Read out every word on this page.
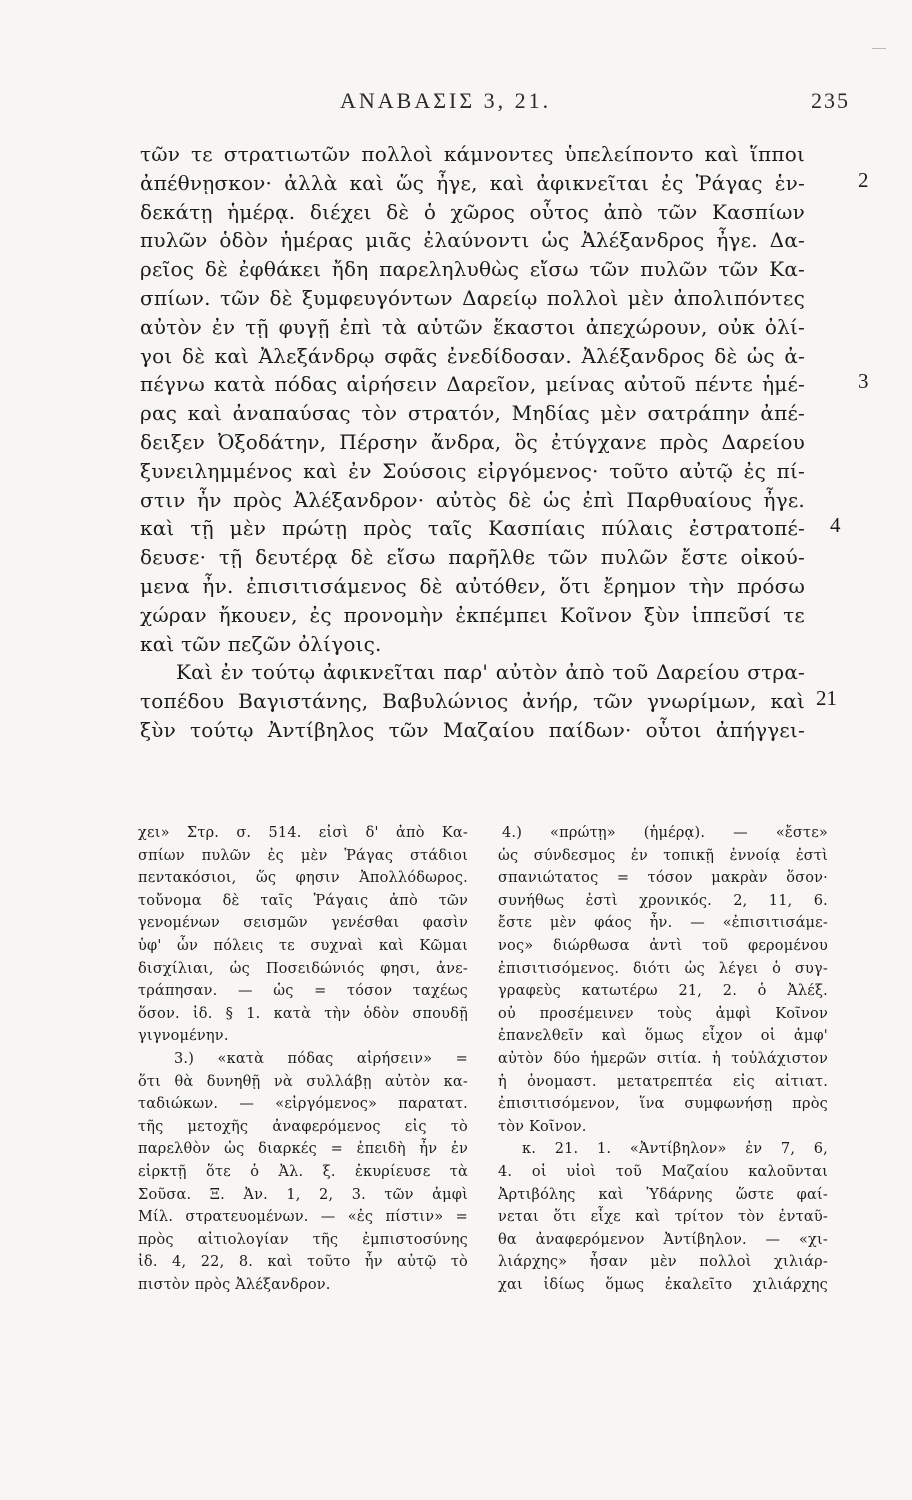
ΑΝΑΒΑΣΙΣ 3, 21.	235
τῶν τε στρατιωτῶν πολλοὶ κάμνοντες ὑπελείποντο καὶ ἵπποι
ἀπέθνῃσκον· ἀλλὰ καὶ ὥς ἦγε, καὶ ἀφικνεῖται ἐς Ῥάγας ἑν-
δεκάτῃ ἡμέρᾳ. διέχει δὲ ὁ χῶρος οὗτος ἀπὸ τῶν Κασπίων
πυλῶν ὁδὸν ἡμέρας μιᾶς ἐλαύνοντι ὡς Ἀλέξανδρος ἦγε. Δα-
ρεῖος δὲ ἐφθάκει ἤδη παρεληλυθὼς εἴσω τῶν πυλῶν τῶν Κα-
σπίων. τῶν δὲ ξυμφευγόντων Δαρείῳ πολλοὶ μὲν ἀπολιπόντες
αὐτὸν ἐν τῇ φυγῇ ἐπὶ τὰ αὑτῶν ἕκαστοι ἀπεχώρουν, οὐκ ὀλί-
γοι δὲ καὶ Ἀλεξάνδρῳ σφᾶς ἐνεδίδοσαν. Ἀλέξανδρος δὲ ὡς ἀ-
πέγνω κατὰ πόδας αἱρήσειν Δαρεῖον, μείνας αὐτοῦ πέντε ἡμέ-
ρας καὶ ἀναπαύσας τὸν στρατόν, Μηδίας μὲν σατράπην ἀπέ-
δειξεν Ὀξοδάτην, Πέρσην ἄνδρα, ὃς ἐτύγχανε πρὸς Δαρείου
ξυνειλημμένος καὶ ἐν Σούσοις εἰργόμενος· τοῦτο αὐτῷ ἐς πί-
στιν ἦν πρὸς Ἀλέξανδρον· αὐτὸς δὲ ὡς ἐπὶ Παρθυαίους ἦγε.
καὶ τῇ μὲν πρώτῃ πρὸς ταῖς Κασπίαις πύλαις ἐστρατοπέ-
δευσε· τῇ δευτέρᾳ δὲ εἴσω παρῆλθε τῶν πυλῶν ἔστε οἰκού-
μενα ἦν. ἐπισιτισάμενος δὲ αὐτόθεν, ὅτι ἔρημον τὴν πρόσω
χώραν ἤκουεν, ἐς προνομὴν ἐκπέμπει Κοῖνον ξὺν ἱππεῦσί τε
καὶ τῶν πεζῶν ὀλίγοις.
Καὶ ἐν τούτῳ ἀφικνεῖται παρ' αὐτὸν ἀπὸ τοῦ Δαρείου στρα-
τοπέδου Βαγιστάνης, Βαβυλώνιος ἀνήρ, τῶν γνωρίμων, καὶ
ξὺν τούτῳ Ἀντίβηλος τῶν Μαζαίου παίδων· οὗτοι ἀπήγγει-
2
3
4
21
χει» Στρ. σ. 514. εἰσὶ δ' ἀπὸ Κα-
σπίων πυλῶν ἐς μὲν Ῥάγας στάδιοι
πεντακόσιοι, ὥς φησιν Ἀπολλόδωρος.
τοὔνομα δὲ ταῖς Ῥάγαις ἀπὸ τῶν
γενομένων σεισμῶν γενέσθαι φασὶν
ὑφ' ὧν πόλεις τε συχναὶ καὶ Κῶμαι
δισχίλιαι, ὡς Ποσειδώνιός φησι, ἀνε-
τράπησαν. — ὡς = τόσον ταχέως
ὅσον. ἰδ. § 1. κατὰ τὴν ὁδὸν σπουδῇ
γιγνομένην.
3.) «κατὰ πόδας αἱρήσειν» =
ὅτι θὰ δυνηθῇ νὰ συλλάβῃ αὐτὸν κα-
ταδιώκων. — «εἰργόμενος» παρατατ.
τῆς μετοχῆς ἀναφερόμενος εἰς τὸ
παρελθὸν ὡς διαρκές = ἐπειδὴ ἦν ἐν
εἱρκτῇ ὅτε ὁ Ἀλ. ξ. ἐκυρίευσε τὰ
Σοῦσα. Ξ. Ἀν. 1, 2, 3. τῶν ἀμφὶ
Μίλ. στρατευομένων. — «ἐς πίστιν» =
πρὸς αἰτιολογίαν τῆς ἐμπιστοσύνης
ἰδ. 4, 22, 8. καὶ τοῦτο ἦν αὐτῷ τὸ
πιστὸν πρὸς Ἀλέξανδρον.
4.) «πρώτῃ» (ἡμέρᾳ). — «ἔστε»
ὡς σύνδεσμος ἐν τοπικῇ ἐννοίᾳ ἐστὶ
σπανιώτατος = τόσον μακρὰν ὅσον·
συνήθως ἐστὶ χρονικός. 2, 11, 6.
ἔστε μὲν φάος ἦν. — «ἐπισιτισάμε-
νος» διώρθωσα ἀντὶ τοῦ φερομένου
ἐπισιτισόμενος. διότι ὡς λέγει ὁ συγ-
γραφεὺς κατωτέρω 21, 2. ὁ Ἀλέξ.
οὐ προσέμεινεν τοὺς ἀμφὶ Κοῖνον
ἐπανελθεῖν καὶ ὅμως εἶχον οἱ ἀμφ'
αὐτὸν δύο ἡμερῶν σιτία. ἡ τοὐλάχιστον
ἡ ὀνομαστ. μετατρεπτέα εἰς αἰτιατ.
ἐπισιτισόμενον, ἵνα συμφωνήσῃ πρὸς
τὸν Κοῖνον.
κ. 21. 1. «Ἀντίβηλον» ἐν 7, 6,
4. οἱ υἱοὶ τοῦ Μαζαίου καλοῦνται
Ἀρτιβόλης καὶ Ὑδάρνης ὥστε φαί-
νεται ὅτι εἶχε καὶ τρίτον τὸν ἐνταῦ-
θα ἀναφερόμενον Ἀντίβηλον. — «χι-
λιάρχης» ἦσαν μὲν πολλοὶ χιλιάρ-
χαι ἰδίως ὅμως ἐκαλεῖτο χιλιάρχης
